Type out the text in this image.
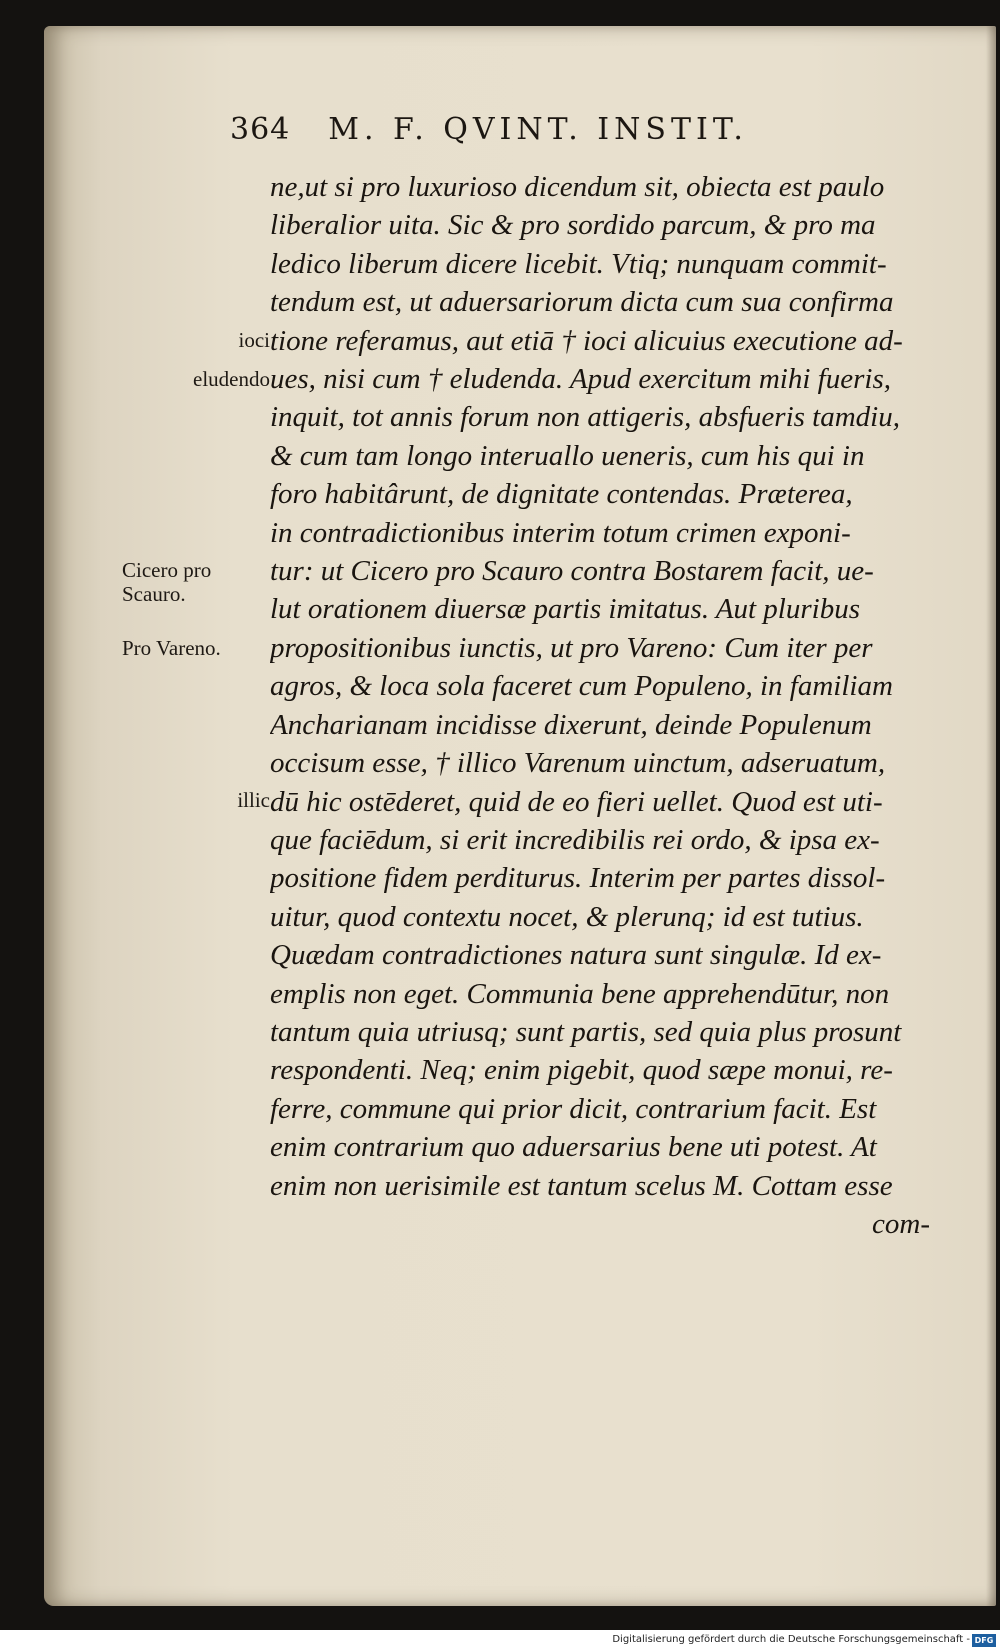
364 M. F. QVINT. INSTIT.
ioci
eludendo
Cicero pro
Scauro.
Pro Vareno.
illic
ne,ut si pro luxurioso dicendum sit, obiecta est paulo
liberalior uita. Sic & pro sordido parcum, & pro ma
ledico liberum dicere licebit. Vtiq; nunquam commit-
tendum est, ut aduersariorum dicta cum sua confirma
tione referamus, aut etiā † ioci alicuius executione ad-
ues, nisi cum † eludenda. Apud exercitum mihi fueris,
inquit, tot annis forum non attigeris, absfueris tamdiu,
& cum tam longo interuallo ueneris, cum his qui in
foro habitârunt, de dignitate contendas. Præterea,
in contradictionibus interim totum crimen exponi-
tur: ut Cicero pro Scauro contra Bostarem facit, ue-
lut orationem diuersæ partis imitatus. Aut pluribus
propositionibus iunctis, ut pro Vareno: Cum iter per
agros, & loca sola faceret cum Populeno, in familiam
Ancharianam incidisse dixerunt, deinde Populenum
occisum esse, † illico Varenum uinctum, adseruatum,
dū hic ostēderet, quid de eo fieri uellet. Quod est uti-
que faciēdum, si erit incredibilis rei ordo, & ipsa ex-
positione fidem perditurus. Interim per partes dissol-
uitur, quod contextu nocet, & plerunq; id est tutius.
Quædam contradictiones natura sunt singulæ. Id ex-
emplis non eget. Communia bene apprehendūtur, non
tantum quia utriusq; sunt partis, sed quia plus prosunt
respondenti. Neq; enim pigebit, quod sæpe monui, re-
ferre, commune qui prior dicit, contrarium facit. Est
enim contrarium quo aduersarius bene uti potest. At
enim non uerisimile est tantum scelus M. Cottam esse
com-
Digitalisierung gefördert durch die Deutsche Forschungsgemeinschaft - DFG
